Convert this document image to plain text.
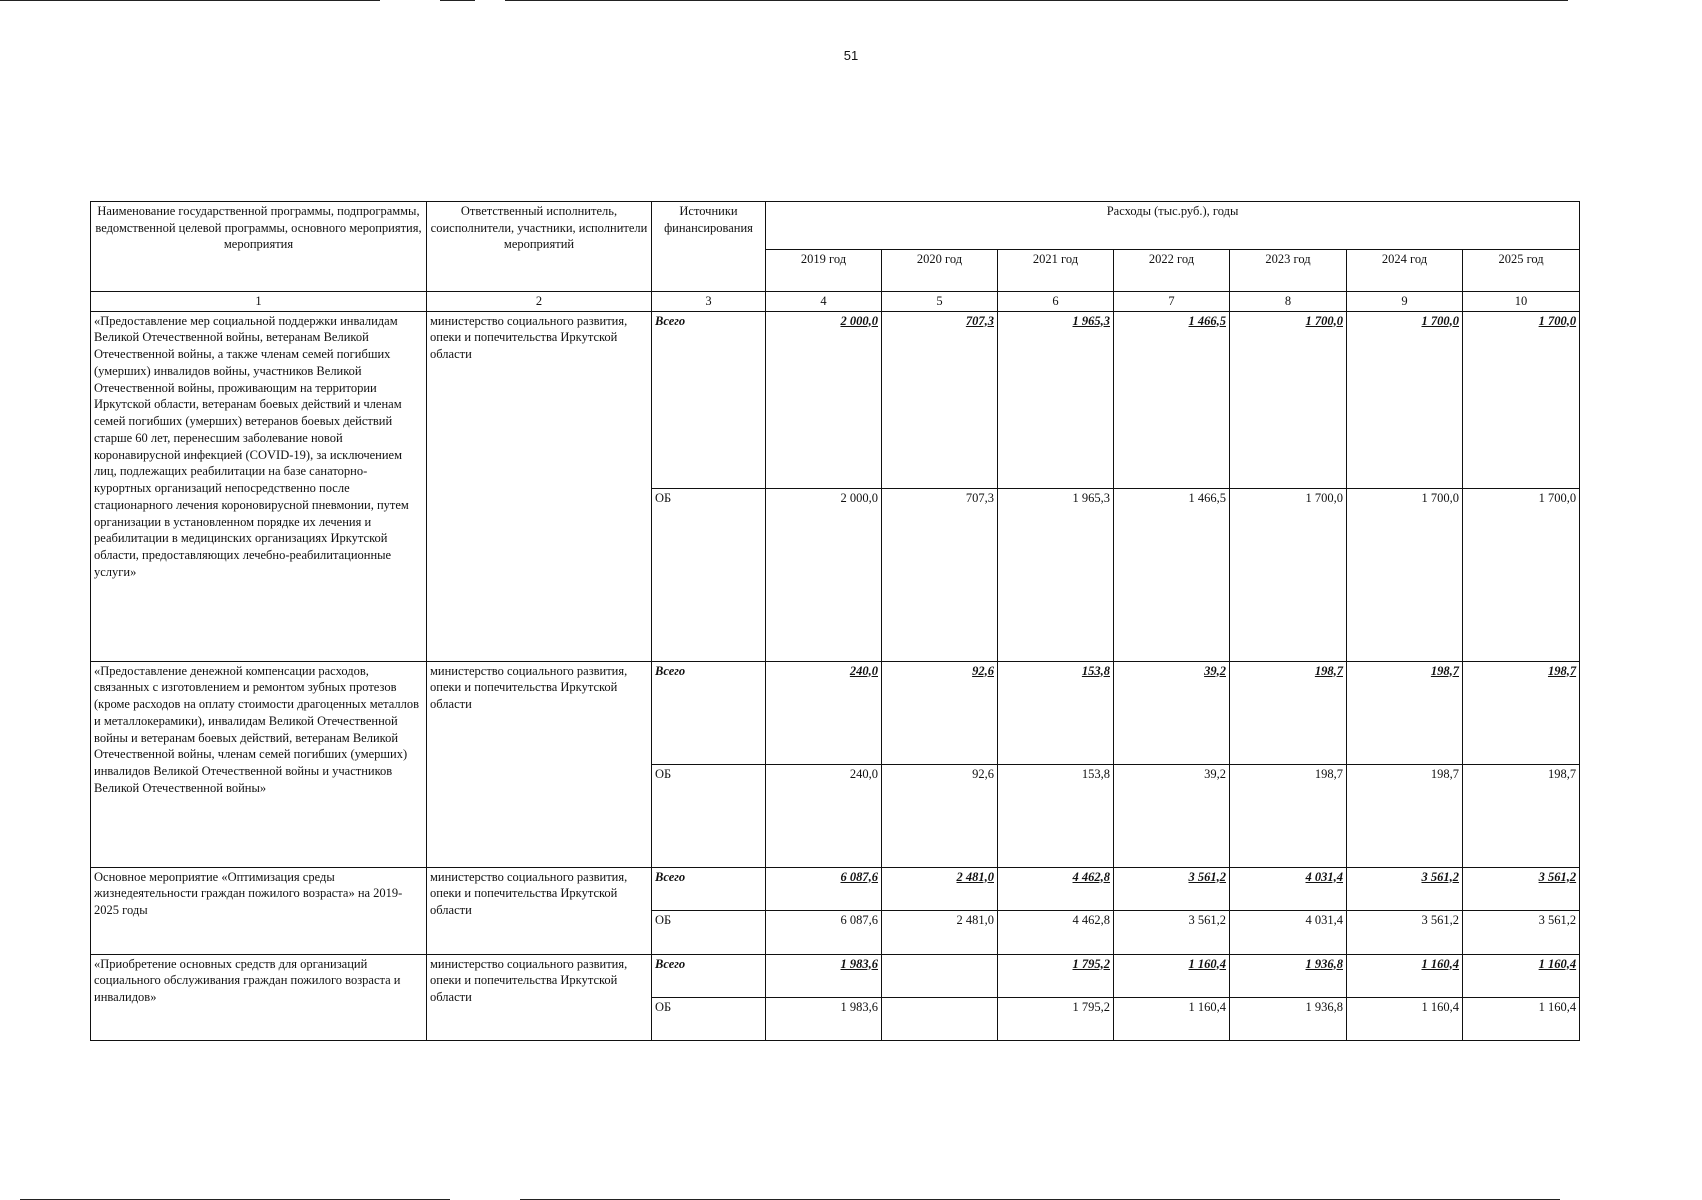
51
Наименование государственной программы, подпрограммы, ведомственной целевой программы, основного мероприятия, мероприятия	Ответственный исполнитель, соисполнители, участники, исполнители мероприятий	Источники финансирования	Расходы (тыс.руб.), годы						
			2019 год	2020 год	2021 год	2022 год	2023 год	2024 год	2025 год
1	2	3	4	5	6	7	8	9	10
«Предоставление мер социальной поддержки инвалидам Великой Отечественной войны, ветеранам Великой Отечественной войны, а также членам семей погибших (умерших) инвалидов войны, участников Великой Отечественной войны, проживающим на территории Иркутской области, ветеранам боевых действий и членам семей погибших (умерших) ветеранов боевых действий старше 60 лет, перенесшим заболевание новой коронавирусной инфекцией (COVID-19), за исключением лиц, подлежащих реабилитации на базе санаторно-курортных организаций непосредственно после стационарного лечения короновирусной пневмонии, путем организации в установленном порядке их лечения и реабилитации в медицинских организациях Иркутской области, предоставляющих лечебно-реабилитационные услуги»	министерство социального развития, опеки и попечительства Иркутской области	Всего	2 000,0	707,3	1 965,3	1 466,5	1 700,0	1 700,0	1 700,0
		ОБ	2 000,0	707,3	1 965,3	1 466,5	1 700,0	1 700,0	1 700,0
«Предоставление денежной компенсации расходов, связанных с изготовлением и ремонтом зубных протезов (кроме расходов на оплату стоимости драгоценных металлов и металлокерамики), инвалидам Великой Отечественной войны и ветеранам боевых действий, ветеранам Великой Отечественной войны, членам семей погибших (умерших) инвалидов Великой Отечественной войны и участников Великой Отечественной войны»	министерство социального развития, опеки и попечительства Иркутской области	Всего	240,0	92,6	153,8	39,2	198,7	198,7	198,7
		ОБ	240,0	92,6	153,8	39,2	198,7	198,7	198,7
Основное мероприятие «Оптимизация среды жизнедеятельности граждан пожилого возраста» на 2019-2025 годы	министерство социального развития, опеки и попечительства Иркутской области	Всего	6 087,6	2 481,0	4 462,8	3 561,2	4 031,4	3 561,2	3 561,2
		ОБ	6 087,6	2 481,0	4 462,8	3 561,2	4 031,4	3 561,2	3 561,2
«Приобретение основных средств для организаций социального обслуживания граждан пожилого возраста и инвалидов»	министерство социального развития, опеки и попечительства Иркутской области	Всего	1 983,6		1 795,2	1 160,4	1 936,8	1 160,4	1 160,4
		ОБ	1 983,6		1 795,2	1 160,4	1 936,8	1 160,4	1 160,4
